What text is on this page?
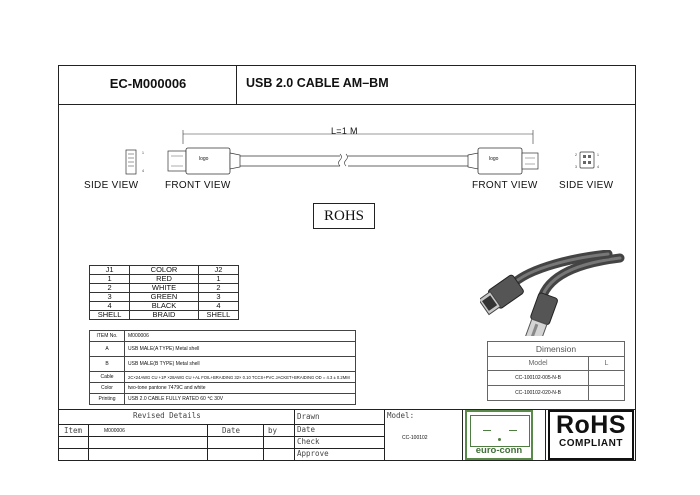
EC-M000006	USB 2.0 CABLE AM–BM
1
4
2	1
3	4
L=1 M
logo	logo
SIDE VIEW	FRONT VIEW	FRONT VIEW SIDE VIEW
ROHS
J1	COLOR	J2
1	RED	1
2	WHITE	2
3	GREEN	3
4	BLACK	4
SHELL	BRAID	SHELL
ITEM No.	M000006
A	USB MALE(A TYPE) Metal shell
B	USB MALE(B TYPE) Metal shell
Cable	2C×24AWG CU +1P ×28AWG CU +AL FOIL+BRAIDING 32× 0.10 TCCS+PVC JACKET+BRAIDING OD = 4.3 ± 0.2MM
Color	two-tone pantone 7479C and white
Printing	USB 2.0 CABLE FULLY RATED 60 ℃ 30V
Dimension	
Model	L
CC-100102-005-N-B	
CC-100102-020-N-B	
Revised Details
Item	M000006	Date	by
Drawn
Date
Check
Approve
Model:
CC-100102
euro-conn
RoHS
COMPLIANT
